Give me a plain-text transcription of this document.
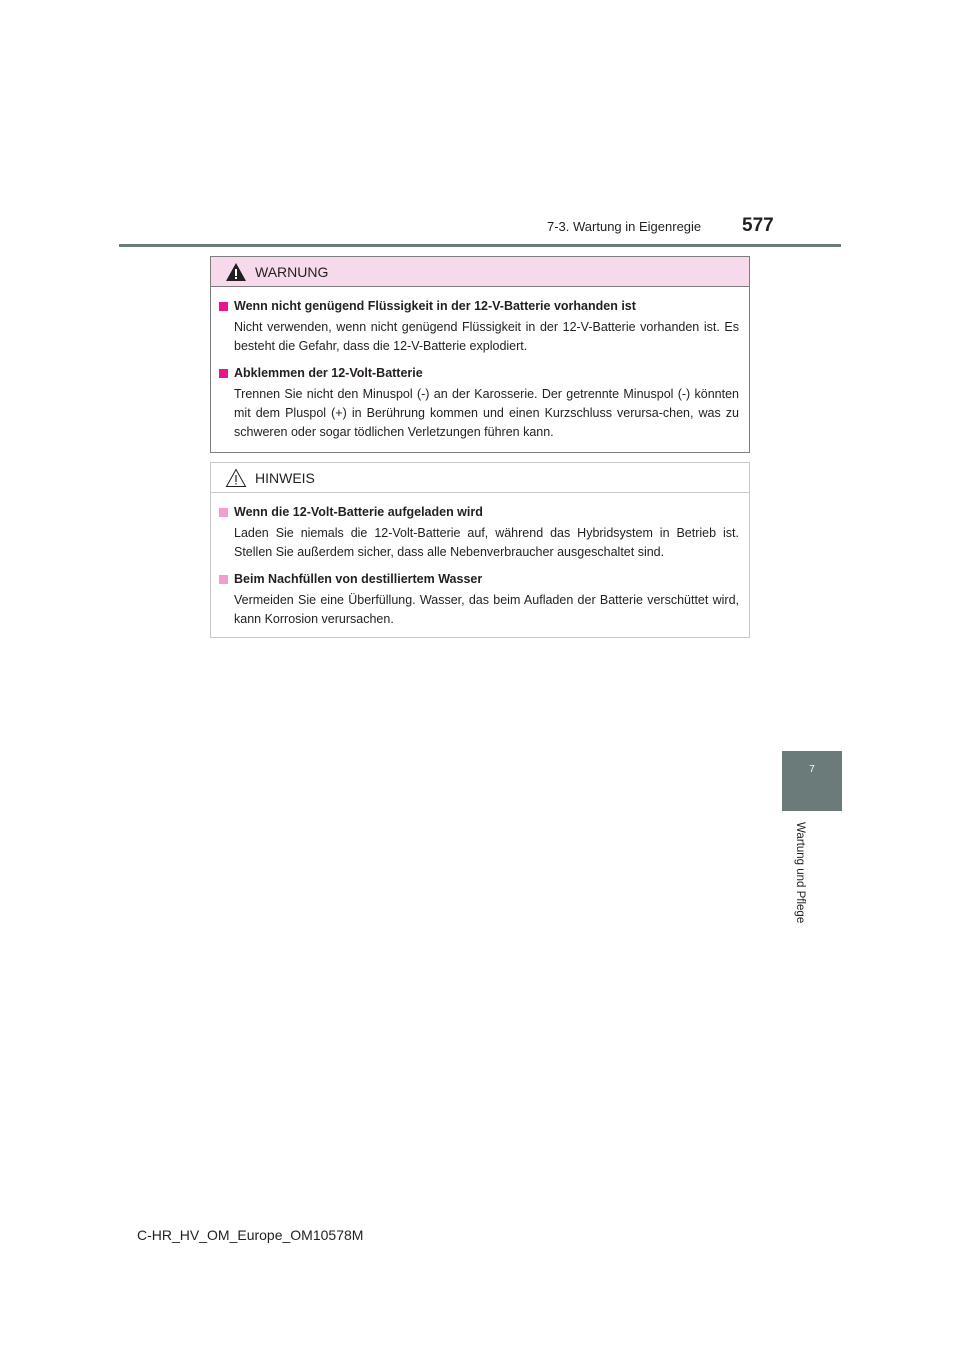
7-3. Wartung in Eigenregie 577
WARNUNG
Wenn nicht genügend Flüssigkeit in der 12-V-Batterie vorhanden ist
Nicht verwenden, wenn nicht genügend Flüssigkeit in der 12-V-Batterie vorhanden ist. Es besteht die Gefahr, dass die 12-V-Batterie explodiert.
Abklemmen der 12-Volt-Batterie
Trennen Sie nicht den Minuspol (-) an der Karosserie. Der getrennte Minuspol (-) könnten mit dem Pluspol (+) in Berührung kommen und einen Kurzschluss verursa-chen, was zu schweren oder sogar tödlichen Verletzungen führen kann.
HINWEIS
Wenn die 12-Volt-Batterie aufgeladen wird
Laden Sie niemals die 12-Volt-Batterie auf, während das Hybridsystem in Betrieb ist. Stellen Sie außerdem sicher, dass alle Nebenverbraucher ausgeschaltet sind.
Beim Nachfüllen von destilliertem Wasser
Vermeiden Sie eine Überfüllung. Wasser, das beim Aufladen der Batterie verschüttet wird, kann Korrosion verursachen.
7
Wartung und Pflege
C-HR_HV_OM_Europe_OM10578M
